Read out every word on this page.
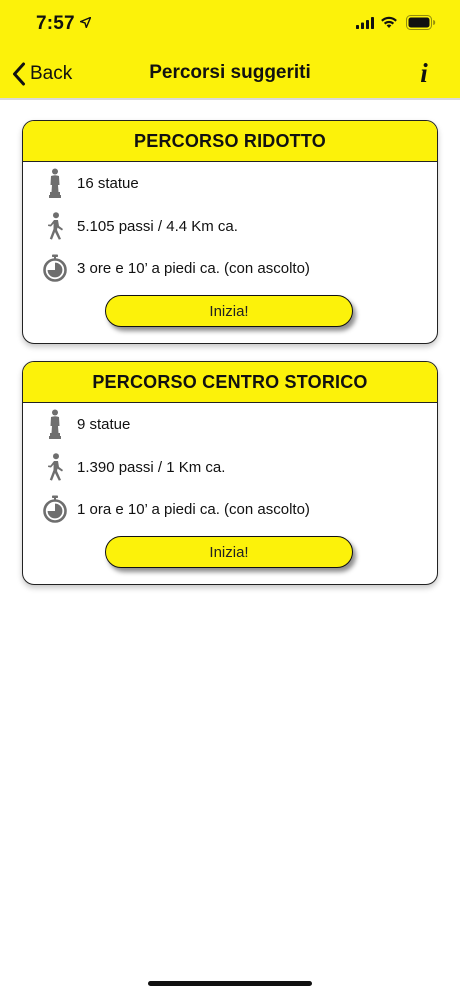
7:57
Back	Percorsi suggeriti	i
PERCORSO RIDOTTO
16 statue
5.105 passi / 4.4 Km ca.
3 ore e 10’ a piedi ca. (con ascolto)
Inizia!
PERCORSO CENTRO STORICO
9 statue
1.390 passi / 1 Km ca.
1 ora e 10’ a piedi ca. (con ascolto)
Inizia!
